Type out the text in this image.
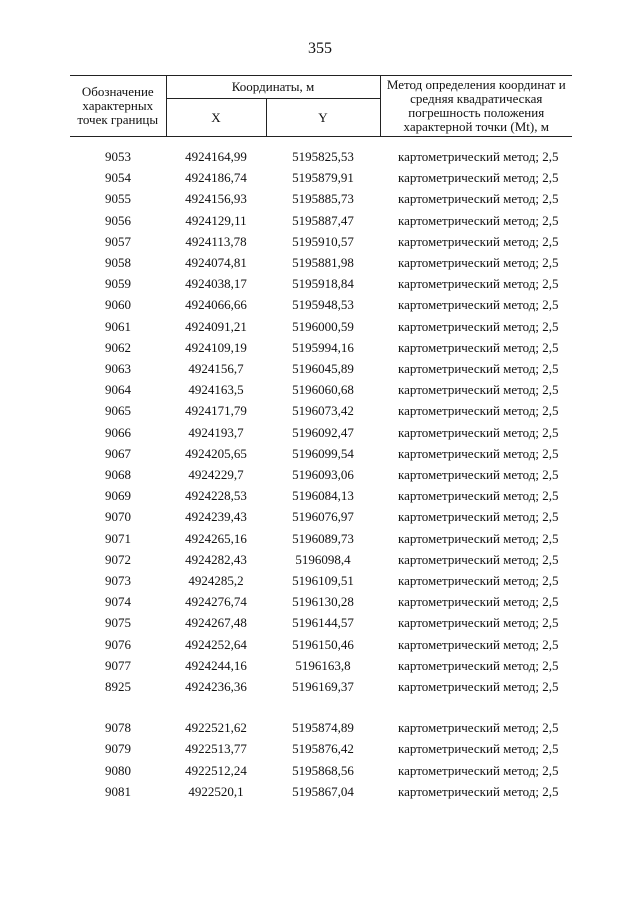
355
Обозначение характерных точек границы	Координаты, м		Метод определения координат и средняя квадратическая погрешность положения характерной точки (Mt), м
	X	Y	

9053	4924164,99	5195825,53	картометрический метод; 2,5
9054	4924186,74	5195879,91	картометрический метод; 2,5
9055	4924156,93	5195885,73	картометрический метод; 2,5
9056	4924129,11	5195887,47	картометрический метод; 2,5
9057	4924113,78	5195910,57	картометрический метод; 2,5
9058	4924074,81	5195881,98	картометрический метод; 2,5
9059	4924038,17	5195918,84	картометрический метод; 2,5
9060	4924066,66	5195948,53	картометрический метод; 2,5
9061	4924091,21	5196000,59	картометрический метод; 2,5
9062	4924109,19	5195994,16	картометрический метод; 2,5
9063	4924156,7	5196045,89	картометрический метод; 2,5
9064	4924163,5	5196060,68	картометрический метод; 2,5
9065	4924171,79	5196073,42	картометрический метод; 2,5
9066	4924193,7	5196092,47	картометрический метод; 2,5
9067	4924205,65	5196099,54	картометрический метод; 2,5
9068	4924229,7	5196093,06	картометрический метод; 2,5
9069	4924228,53	5196084,13	картометрический метод; 2,5
9070	4924239,43	5196076,97	картометрический метод; 2,5
9071	4924265,16	5196089,73	картометрический метод; 2,5
9072	4924282,43	5196098,4	картометрический метод; 2,5
9073	4924285,2	5196109,51	картометрический метод; 2,5
9074	4924276,74	5196130,28	картометрический метод; 2,5
9075	4924267,48	5196144,57	картометрический метод; 2,5
9076	4924252,64	5196150,46	картометрический метод; 2,5
9077	4924244,16	5196163,8	картометрический метод; 2,5
8925	4924236,36	5196169,37	картометрический метод; 2,5

9078	4922521,62	5195874,89	картометрический метод; 2,5
9079	4922513,77	5195876,42	картометрический метод; 2,5
9080	4922512,24	5195868,56	картометрический метод; 2,5
9081	4922520,1	5195867,04	картометрический метод; 2,5
